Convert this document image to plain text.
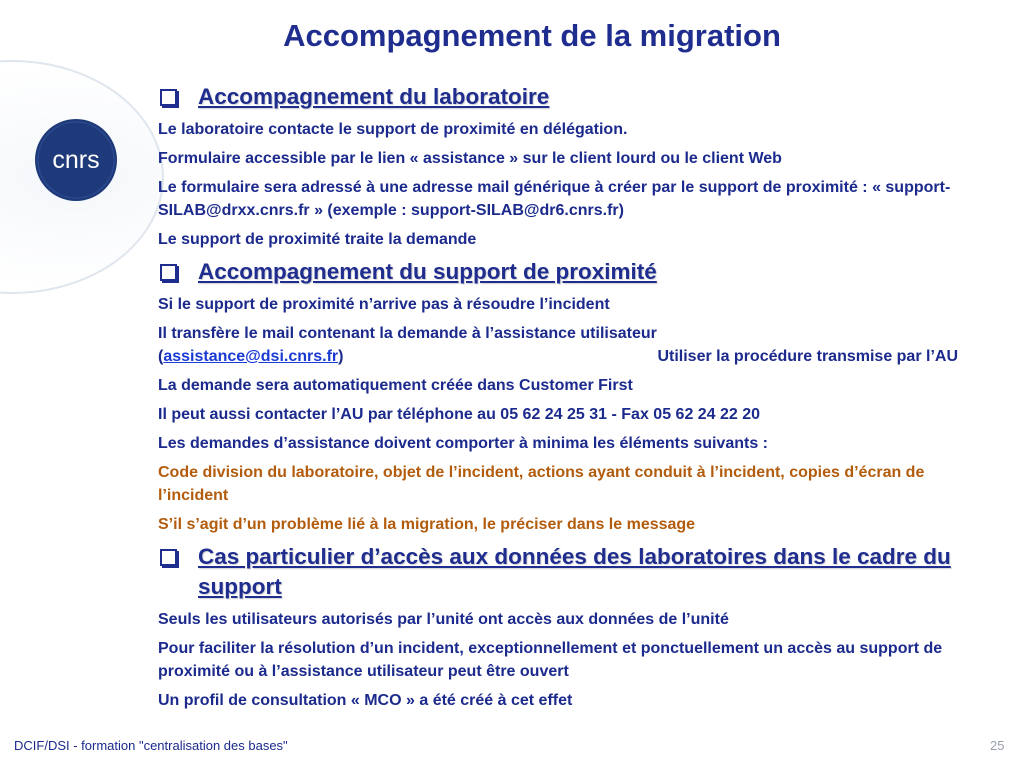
cnrs
Accompagnement de la migration
Accompagnement du laboratoire
Le laboratoire contacte le support de proximité en délégation.
Formulaire accessible par le lien « assistance » sur le client lourd ou le client Web
Le formulaire sera adressé à une adresse mail générique à créer par le support de proximité : « support-SILAB@drxx.cnrs.fr » (exemple : support-SILAB@dr6.cnrs.fr)
Le support de proximité traite la demande
Accompagnement du support de proximité
Si le support de proximité n’arrive pas à résoudre l’incident
Il transfère le mail contenant la demande à l’assistance utilisateur
(assistance@dsi.cnrs.fr)	Utiliser la procédure transmise par l’AU
La demande sera automatiquement créée dans Customer First
Il peut aussi contacter l’AU par téléphone au 05 62 24 25 31 - Fax 05 62 24 22 20
Les demandes d’assistance doivent comporter à minima les éléments suivants :
Code division du laboratoire, objet de l’incident, actions ayant conduit à l’incident, copies d’écran de l’incident
S’il s’agit d’un problème lié à la migration, le préciser dans le message
Cas particulier d’accès aux données des laboratoires dans le cadre du support
Seuls les utilisateurs autorisés par l’unité ont accès aux données de l’unité
Pour faciliter la résolution d’un incident, exceptionnellement et ponctuellement un accès au support de proximité ou à l’assistance utilisateur peut être ouvert
Un profil de consultation « MCO » a été créé à cet effet
DCIF/DSI - formation "centralisation des bases"	25
